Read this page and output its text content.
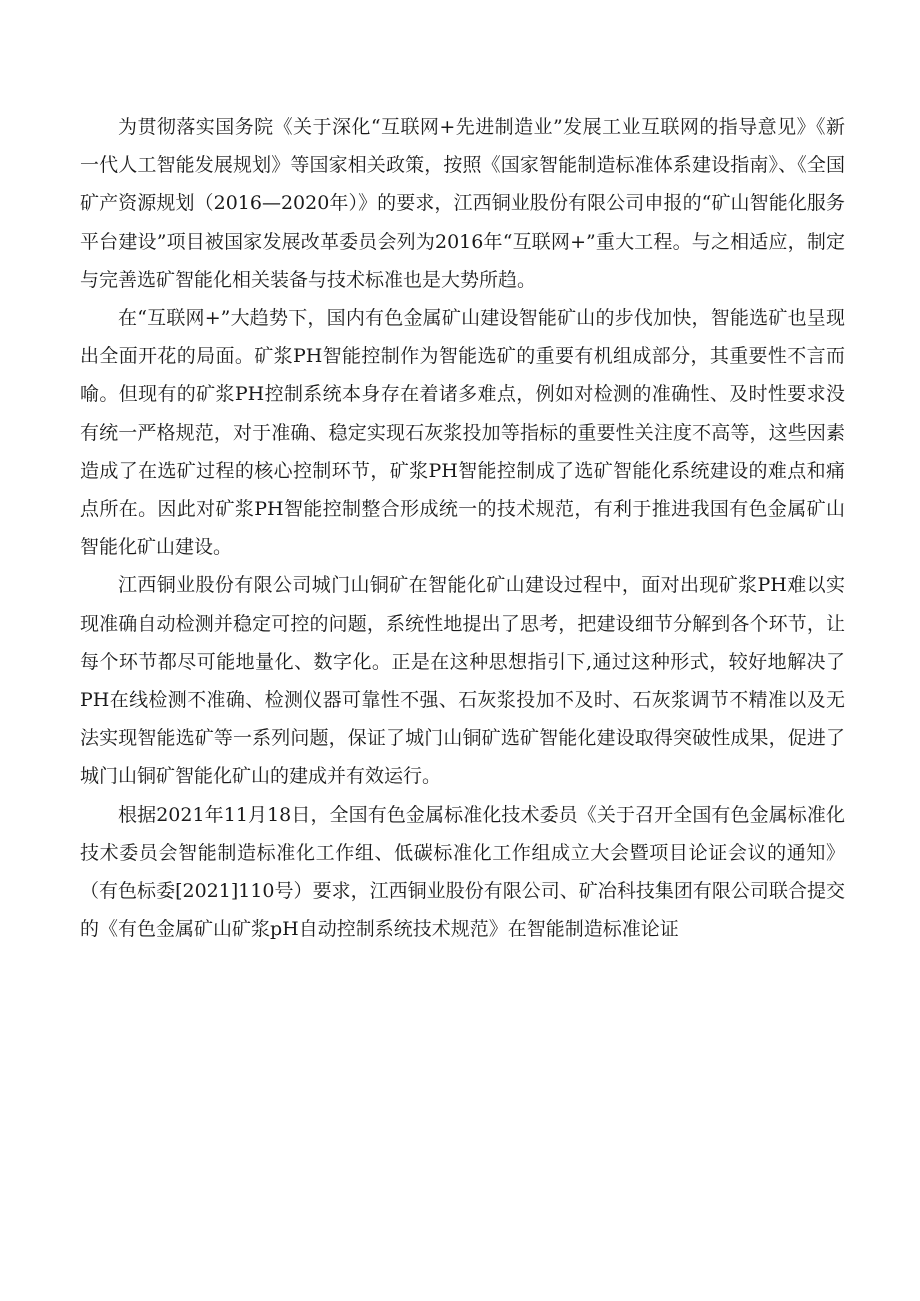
为贯彻落实国务院《关于深化“互联网+先进制造业”发展工业互联网的指导意见》《新一代人工智能发展规划》等国家相关政策，按照《国家智能制造标准体系建设指南》、《全国矿产资源规划（2016—2020年）》的要求，江西铜业股份有限公司申报的“矿山智能化服务平台建设”项目被国家发展改革委员会列为2016年“互联网+”重大工程。与之相适应，制定与完善选矿智能化相关装备与技术标准也是大势所趋。

在“互联网+”大趋势下，国内有色金属矿山建设智能矿山的步伐加快，智能选矿也呈现出全面开花的局面。矿浆PH智能控制作为智能选矿的重要有机组成部分，其重要性不言而喻。但现有的矿浆PH控制系统本身存在着诸多难点，例如对检测的准确性、及时性要求没有统一严格规范，对于准确、稳定实现石灰浆投加等指标的重要性关注度不高等，这些因素造成了在选矿过程的核心控制环节，矿浆PH智能控制成了选矿智能化系统建设的难点和痛点所在。因此对矿浆PH智能控制整合形成统一的技术规范，有利于推进我国有色金属矿山智能化矿山建设。

江西铜业股份有限公司城门山铜矿在智能化矿山建设过程中，面对出现矿浆PH难以实现准确自动检测并稳定可控的问题，系统性地提出了思考，把建设细节分解到各个环节，让每个环节都尽可能地量化、数字化。正是在这种思想指引下,通过这种形式，较好地解决了PH在线检测不准确、检测仪器可靠性不强、石灰浆投加不及时、石灰浆调节不精准以及无法实现智能选矿等一系列问题，保证了城门山铜矿选矿智能化建设取得突破性成果，促进了城门山铜矿智能化矿山的建成并有效运行。

根据2021年11月18日，全国有色金属标准化技术委员《关于召开全国有色金属标准化技术委员会智能制造标准化工作组、低碳标准化工作组成立大会暨项目论证会议的通知》（有色标委[2021]110号）要求，江西铜业股份有限公司、矿冶科技集团有限公司联合提交的《有色金属矿山矿浆pH自动控制系统技术规范》在智能制造标准论证
